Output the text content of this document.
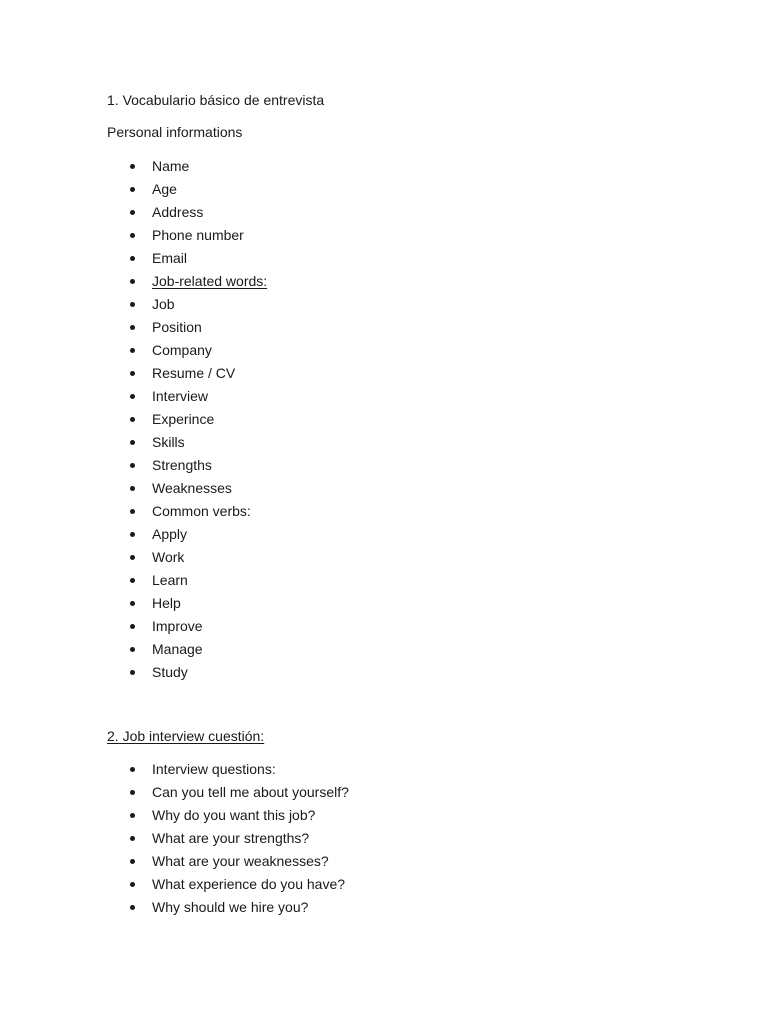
1. Vocabulario básico de entrevista

Personal informations

Name
Age
Address
Phone number
Email
Job-related words:
Job
Position
Company
Resume / CV
Interview
Experince
Skills
Strengths
Weaknesses
Common verbs:
Apply
Work
Learn
Help
Improve
Manage
Study
2. Job interview cuestión:
Interview questions:
Can you tell me about yourself?
Why do you want this job?
What are your strengths?
What are your weaknesses?
What experience do you have?
Why should we hire you?
